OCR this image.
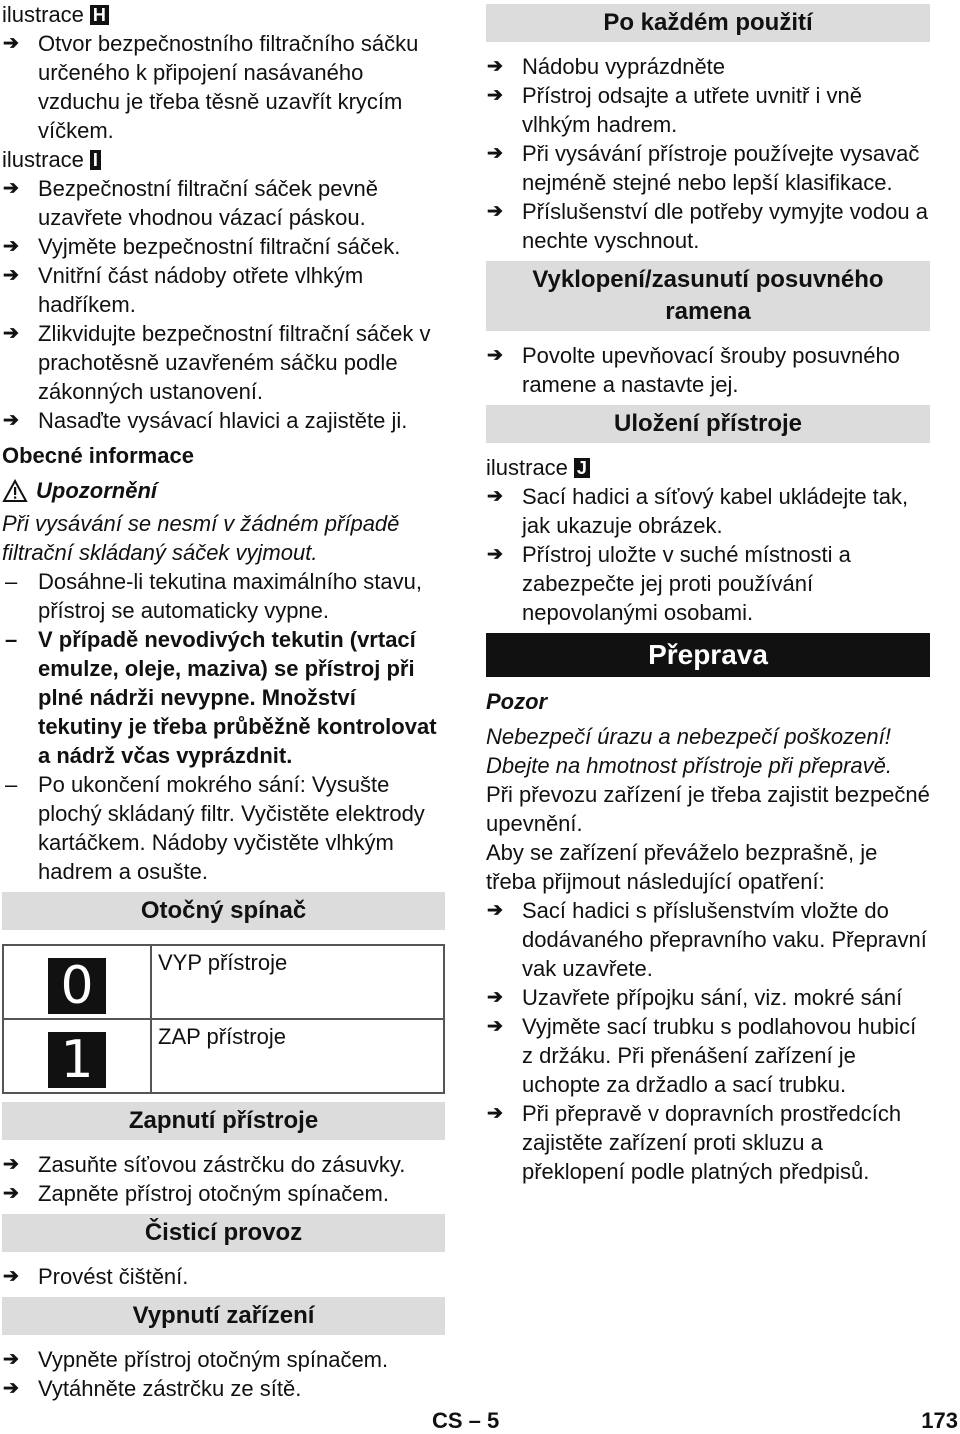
ilustrace H

➔ Otvor bezpečnostního filtračního sáčku určeného k připojení nasávaného vzduchu je třeba těsně uzavřít krycím víčkem.

ilustrace I

➔ Bezpečnostní filtrační sáček pevně uzavřete vhodnou vázací páskou.

➔ Vyjměte bezpečnostní filtrační sáček.

➔ Vnitřní část nádoby otřete vlhkým hadříkem.

➔ Zlikvidujte bezpečnostní filtrační sáček v prachotěsně uzavřeném sáčku podle zákonných ustanovení.

➔ Nasaďte vysávací hlavici a zajistěte ji.

Obecné informace

Upozornění

Při vysávání se nesmí v žádném případě filtrační skládaný sáček vyjmout.

– Dosáhne-li tekutina maximálního stavu, přístroj se automaticky vypne.

– V případě nevodivých tekutin (vrtací emulze, oleje, maziva) se přístroj při plné nádrži nevypne. Množství tekutiny je třeba průběžně kontrolovat a nádrž včas vyprázdnit.

– Po ukončení mokrého sání: Vysušte plochý skládaný filtr. Vyčistěte elektrody kartáčkem. Nádoby vyčistěte vlhkým hadrem a osušte.

Otočný spínač
0	VYP přístroje

1	ZAP přístroje
Zapnutí přístroje

➔ Zasuňte síťovou zástrčku do zásuvky.

➔ Zapněte přístroj otočným spínačem.

Čisticí provoz

➔ Provést čištění.

Vypnutí zařízení

➔ Vypněte přístroj otočným spínačem.

➔ Vytáhněte zástrčku ze sítě.

Po každém použití

➔ Nádobu vyprázdněte

➔ Přístroj odsajte a utřete uvnitř i vně vlhkým hadrem.

➔ Při vysávání přístroje používejte vysavač nejméně stejné nebo lepší klasifikace.

➔ Příslušenství dle potřeby vymyjte vodou a nechte vyschnout.

Vyklopení/zasunutí posuvného ramena

➔ Povolte upevňovací šrouby posuvného ramene a nastavte jej.

Uložení přístroje

ilustrace J

➔ Sací hadici a síťový kabel ukládejte tak, jak ukazuje obrázek.

➔ Přístroj uložte v suché místnosti a zabezpečte jej proti používání nepovolanými osobami.

Přeprava

Pozor

Nebezpečí úrazu a nebezpečí poškození!

Dbejte na hmotnost přístroje při přepravě.

Při převozu zařízení je třeba zajistit bezpečné upevnění.

Aby se zařízení převáželo bezprašně, je třeba přijmout následující opatření:

➔ Sací hadici s příslušenstvím vložte do dodávaného přepravního vaku. Přepravní vak uzavřete.

➔ Uzavřete přípojku sání, viz. mokré sání

➔ Vyjměte sací trubku s podlahovou hubicí z držáku. Při přenášení zařízení je uchopte za držadlo a sací trubku.

➔ Při přepravě v dopravních prostředcích zajistěte zařízení proti skluzu a překlopení podle platných předpisů.

CS – 5	173
